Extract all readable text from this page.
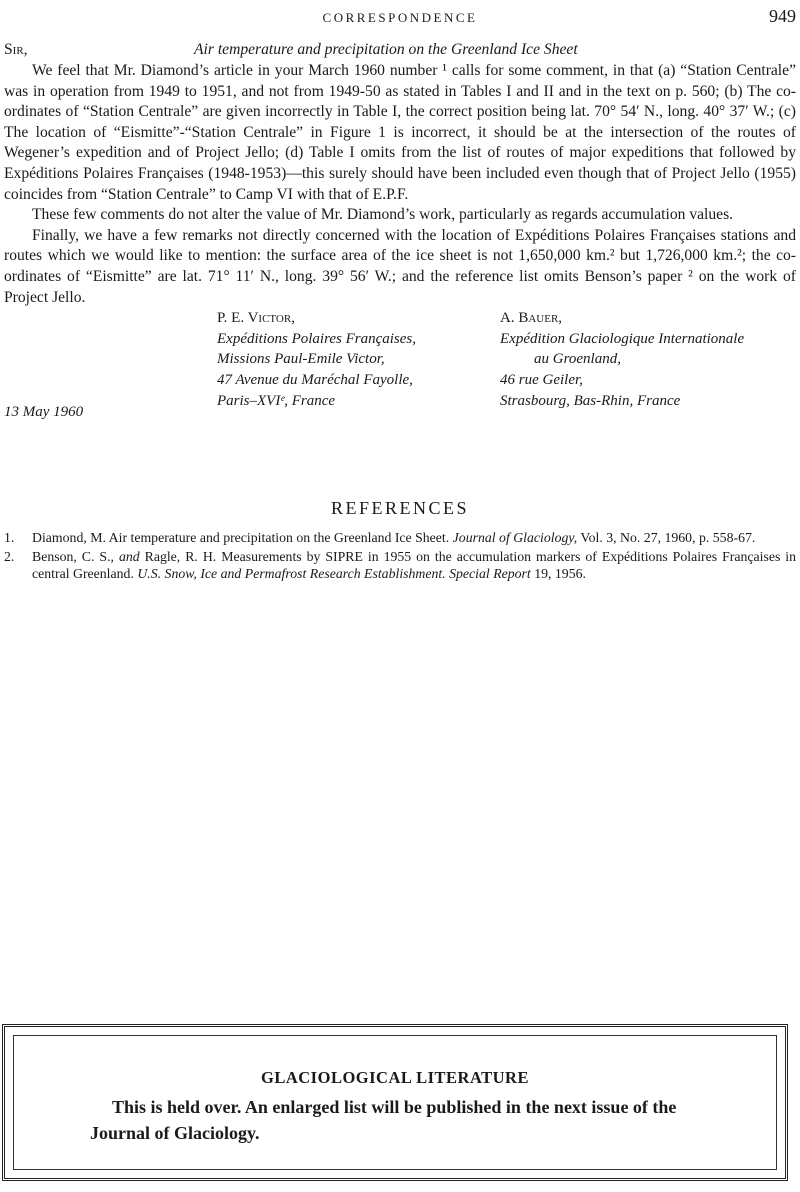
CORRESPONDENCE	949
Sir,	Air temperature and precipitation on the Greenland Ice Sheet

We feel that Mr. Diamond’s article in your March 1960 number ¹ calls for some comment, in that (a) “Station Centrale” was in operation from 1949 to 1951, and not from 1949-50 as stated in Tables I and II and in the text on p. 560; (b) The co-ordinates of “Station Centrale” are given incorrectly in Table I, the correct position being lat. 70° 54′ N., long. 40° 37′ W.; (c) The location of “Eismitte”-“Station Centrale” in Figure 1 is incorrect, it should be at the intersection of the routes of Wegener’s expedition and of Project Jello; (d) Table I omits from the list of routes of major expeditions that followed by Expéditions Polaires Françaises (1948-1953)—this surely should have been included even though that of Project Jello (1955) coincides from “Station Centrale” to Camp VI with that of E.P.F.

These few comments do not alter the value of Mr. Diamond’s work, particularly as regards accumulation values.

Finally, we have a few remarks not directly concerned with the location of Expéditions Polaires Françaises stations and routes which we would like to mention: the surface area of the ice sheet is not 1,650,000 km.² but 1,726,000 km.²; the co-ordinates of “Eismitte” are lat. 71° 11′ N., long. 39° 56′ W.; and the reference list omits Benson’s paper ² on the work of Project Jello.

P. E. Victor,
Expéditions Polaires Françaises,
Missions Paul-Emile Victor,
47 Avenue du Maréchal Fayolle,
Paris–XVIᵉ, France
A. Bauer,
Expédition Glaciologique Internationale
au Groenland,
46 rue Geiler,
Strasbourg, Bas-Rhin, France
13 May 1960
REFERENCES
1. Diamond, M. Air temperature and precipitation on the Greenland Ice Sheet. Journal of Glaciology, Vol. 3, No. 27, 1960, p. 558-67.
2. Benson, C. S., and Ragle, R. H. Measurements by SIPRE in 1955 on the accumulation markers of Expéditions Polaires Françaises in central Greenland. U.S. Snow, Ice and Permafrost Research Establishment. Special Report 19, 1956.
GLACIOLOGICAL LITERATURE
This is held over. An enlarged list will be published in the next issue of the Journal of Glaciology.
